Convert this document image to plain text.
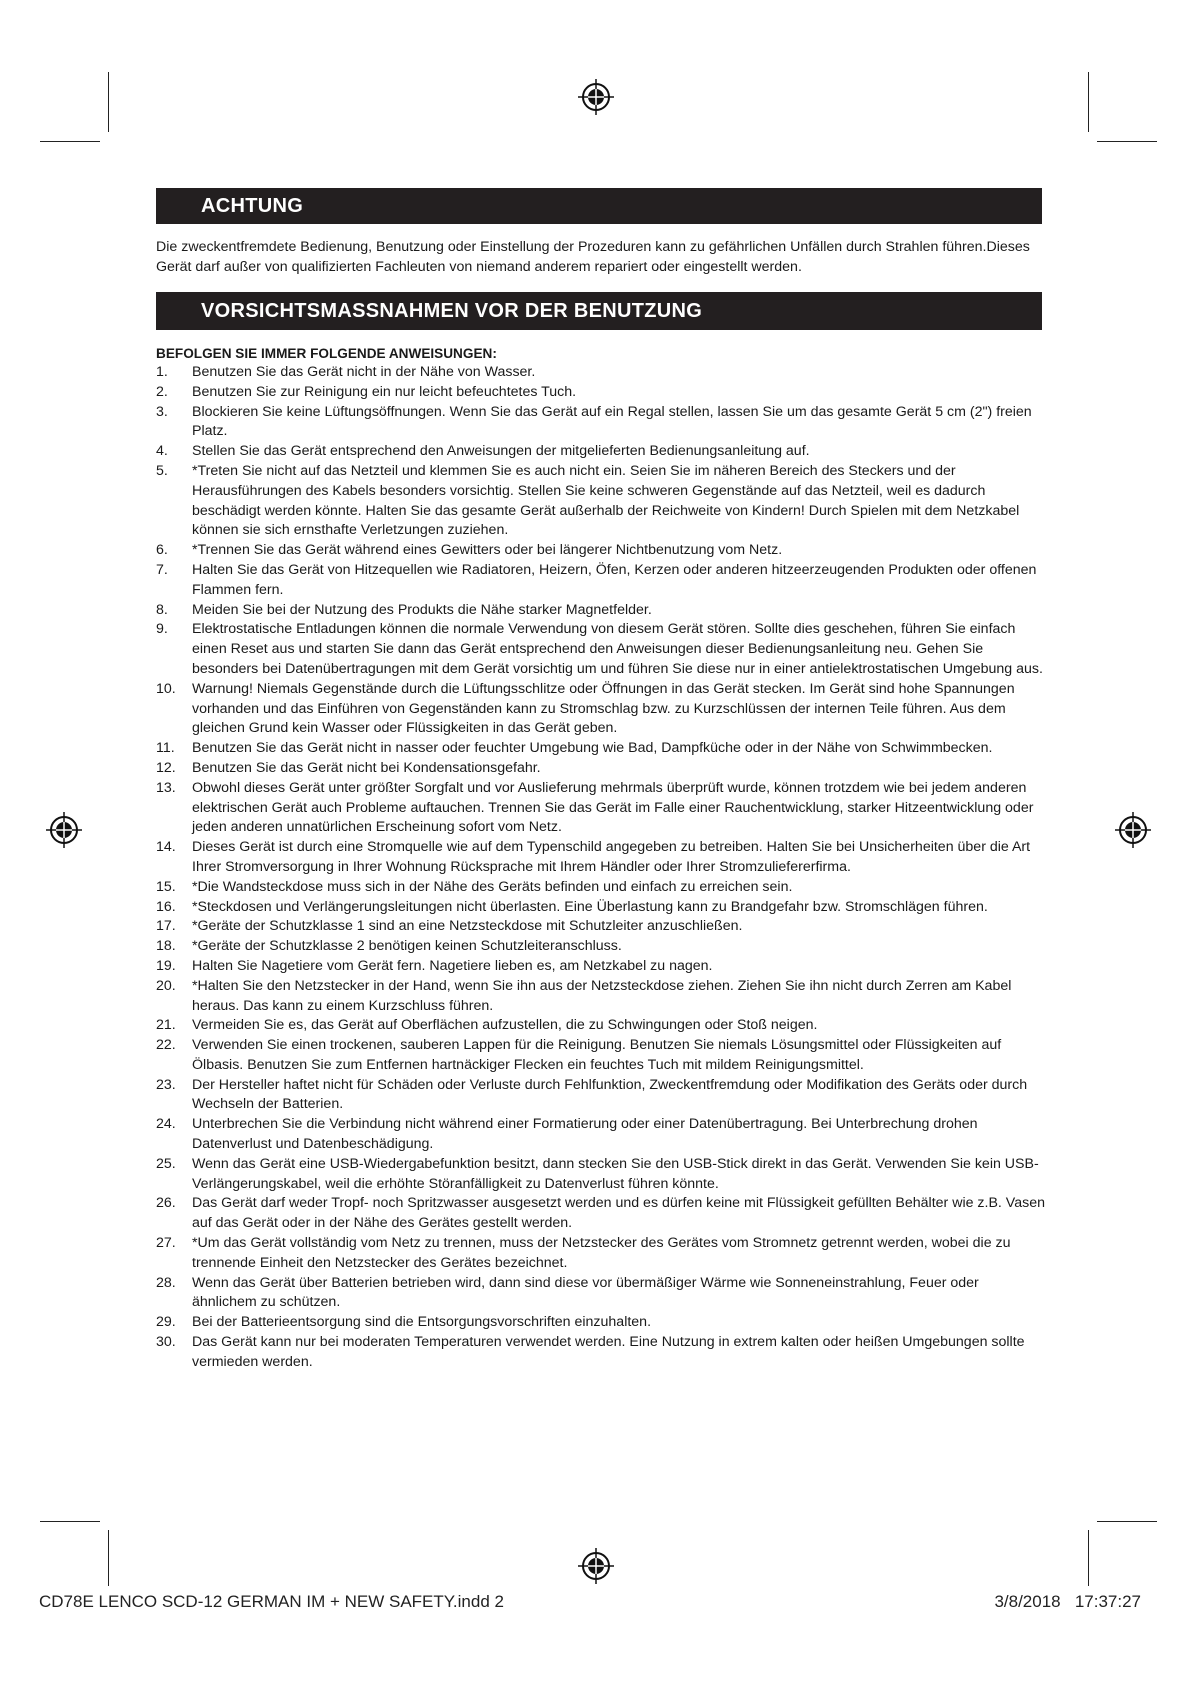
ACHTUNG

Die zweckentfremdete Bedienung, Benutzung oder Einstellung der Prozeduren kann zu gefährlichen Unfällen durch Strahlen führen.Dieses Gerät darf außer von qualifizierten Fachleuten von niemand anderem repariert oder eingestellt werden.

VORSICHTSMASSNAHMEN VOR DER BENUTZUNG

BEFOLGEN SIE IMMER FOLGENDE ANWEISUNGEN:

1.	Benutzen Sie das Gerät nicht in der Nähe von Wasser.
2.	Benutzen Sie zur Reinigung ein nur leicht befeuchtetes Tuch.
3.	Blockieren Sie keine Lüftungsöffnungen. Wenn Sie das Gerät auf ein Regal stellen, lassen Sie um das gesamte Gerät 5 cm (2") freien Platz.
4.	Stellen Sie das Gerät entsprechend den Anweisungen der mitgelieferten Bedienungsanleitung auf.
5.	*Treten Sie nicht auf das Netzteil und klemmen Sie es auch nicht ein. Seien Sie im näheren Bereich des Steckers und der Herausführungen des Kabels besonders vorsichtig. Stellen Sie keine schweren Gegenstände auf das Netzteil, weil es dadurch beschädigt werden könnte. Halten Sie das gesamte Gerät außerhalb der Reichweite von Kindern! Durch Spielen mit dem Netzkabel können sie sich ernsthafte Verletzungen zuziehen.
6.	*Trennen Sie das Gerät während eines Gewitters oder bei längerer Nichtbenutzung vom Netz.
7.	Halten Sie das Gerät von Hitzequellen wie Radiatoren, Heizern, Öfen, Kerzen oder anderen hitzeerzeugenden Produkten oder offenen Flammen fern.
8.	Meiden Sie bei der Nutzung des Produkts die Nähe starker Magnetfelder.
9.	Elektrostatische Entladungen können die normale Verwendung von diesem Gerät stören. Sollte dies geschehen, führen Sie einfach einen Reset aus und starten Sie dann das Gerät entsprechend den Anweisungen dieser Bedienungsanleitung neu. Gehen Sie besonders bei Datenübertragungen mit dem Gerät vorsichtig um und führen Sie diese nur in einer antielektrostatischen Umgebung aus.
10.	Warnung! Niemals Gegenstände durch die Lüftungsschlitze oder Öffnungen in das Gerät stecken. Im Gerät sind hohe Spannungen vorhanden und das Einführen von Gegenständen kann zu Stromschlag bzw. zu Kurzschlüssen der internen Teile führen. Aus dem gleichen Grund kein Wasser oder Flüssigkeiten in das Gerät geben.
11.	Benutzen Sie das Gerät nicht in nasser oder feuchter Umgebung wie Bad, Dampfküche oder in der Nähe von Schwimmbecken.
12.	Benutzen Sie das Gerät nicht bei Kondensationsgefahr.
13.	Obwohl dieses Gerät unter größter Sorgfalt und vor Auslieferung mehrmals überprüft wurde, können trotzdem wie bei jedem anderen elektrischen Gerät auch Probleme auftauchen. Trennen Sie das Gerät im Falle einer Rauchentwicklung, starker Hitzeentwicklung oder jeden anderen unnatürlichen Erscheinung sofort vom Netz.
14.	Dieses Gerät ist durch eine Stromquelle wie auf dem Typenschild angegeben zu betreiben. Halten Sie bei Unsicherheiten über die Art Ihrer Stromversorgung in Ihrer Wohnung Rücksprache mit Ihrem Händler oder Ihrer Stromzuliefererfirma.
15.	*Die Wandsteckdose muss sich in der Nähe des Geräts befinden und einfach zu erreichen sein.
16.	*Steckdosen und Verlängerungsleitungen nicht überlasten. Eine Überlastung kann zu Brandgefahr bzw. Stromschlägen führen.
17.	*Geräte der Schutzklasse 1 sind an eine Netzsteckdose mit Schutzleiter anzuschließen.
18.	*Geräte der Schutzklasse 2 benötigen keinen Schutzleiteranschluss.
19.	Halten Sie Nagetiere vom Gerät fern. Nagetiere lieben es, am Netzkabel zu nagen.
20.	*Halten Sie den Netzstecker in der Hand, wenn Sie ihn aus der Netzsteckdose ziehen. Ziehen Sie ihn nicht durch Zerren am Kabel heraus. Das kann zu einem Kurzschluss führen.
21.	Vermeiden Sie es, das Gerät auf Oberflächen aufzustellen, die zu Schwingungen oder Stoß neigen.
22.	Verwenden Sie einen trockenen, sauberen Lappen für die Reinigung. Benutzen Sie niemals Lösungsmittel oder Flüssigkeiten auf Ölbasis. Benutzen Sie zum Entfernen hartnäckiger Flecken ein feuchtes Tuch mit mildem Reinigungsmittel.
23.	Der Hersteller haftet nicht für Schäden oder Verluste durch Fehlfunktion, Zweckentfremdung oder Modifikation des Geräts oder durch Wechseln der Batterien.
24.	Unterbrechen Sie die Verbindung nicht während einer Formatierung oder einer Datenübertragung. Bei Unterbrechung drohen Datenverlust und Datenbeschädigung.
25.	Wenn das Gerät eine USB-Wiedergabefunktion besitzt, dann stecken Sie den USB-Stick direkt in das Gerät. Verwenden Sie kein USB-Verlängerungskabel, weil die erhöhte Störanfälligkeit zu Datenverlust führen könnte.
26.	Das Gerät darf weder Tropf- noch Spritzwasser ausgesetzt werden und es dürfen keine mit Flüssigkeit gefüllten Behälter wie z.B. Vasen auf das Gerät oder in der Nähe des Gerätes gestellt werden.
27.	*Um das Gerät vollständig vom Netz zu trennen, muss der Netzstecker des Gerätes vom Stromnetz getrennt werden, wobei die zu trennende Einheit den Netzstecker des Gerätes bezeichnet.
28.	Wenn das Gerät über Batterien betrieben wird, dann sind diese vor übermäßiger Wärme wie Sonneneinstrahlung, Feuer oder ähnlichem zu schützen.
29.	Bei der Batterieentsorgung sind die Entsorgungsvorschriften einzuhalten.
30.	Das Gerät kann nur bei moderaten Temperaturen verwendet werden. Eine Nutzung in extrem kalten oder heißen Umgebungen sollte vermieden werden.
CD78E LENCO SCD-12 GERMAN IM + NEW SAFETY.indd 2	3/8/2018 17:37:27
